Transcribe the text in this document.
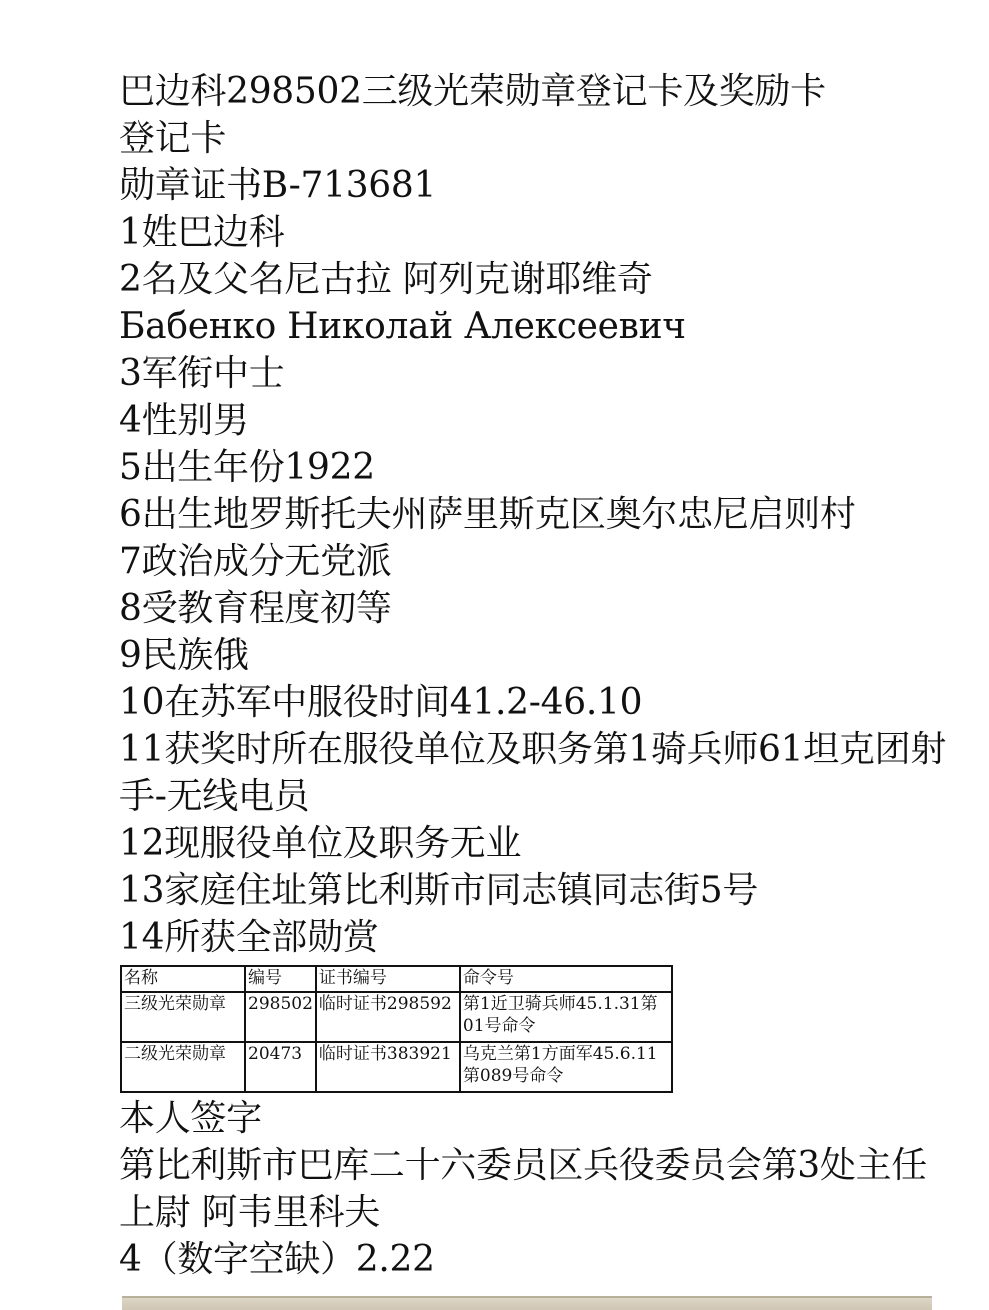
巴边科298502三级光荣勋章登记卡及奖励卡
登记卡
勋章证书B-713681
1姓巴边科
2名及父名尼古拉 阿列克谢耶维奇
Бабенко Николай Алексеевич
3军衔中士
4性别男
5出生年份1922
6出生地罗斯托夫州萨里斯克区奥尔忠尼启则村
7政治成分无党派
8受教育程度初等
9民族俄
10在苏军中服役时间41.2-46.10
11获奖时所在服役单位及职务第1骑兵师61坦克团射手-无线电员
12现服役单位及职务无业
13家庭住址第比利斯市同志镇同志街5号
14所获全部勋赏
名称	编号	证书编号	命令号
三级光荣勋章	298502	临时证书298592	第1近卫骑兵师45.1.31第01号命令
二级光荣勋章	20473	临时证书383921	乌克兰第1方面军45.6.11第089号命令
本人签字
第比利斯市巴库二十六委员区兵役委员会第3处主任 上尉 阿韦里科夫
4（数字空缺）2.22
